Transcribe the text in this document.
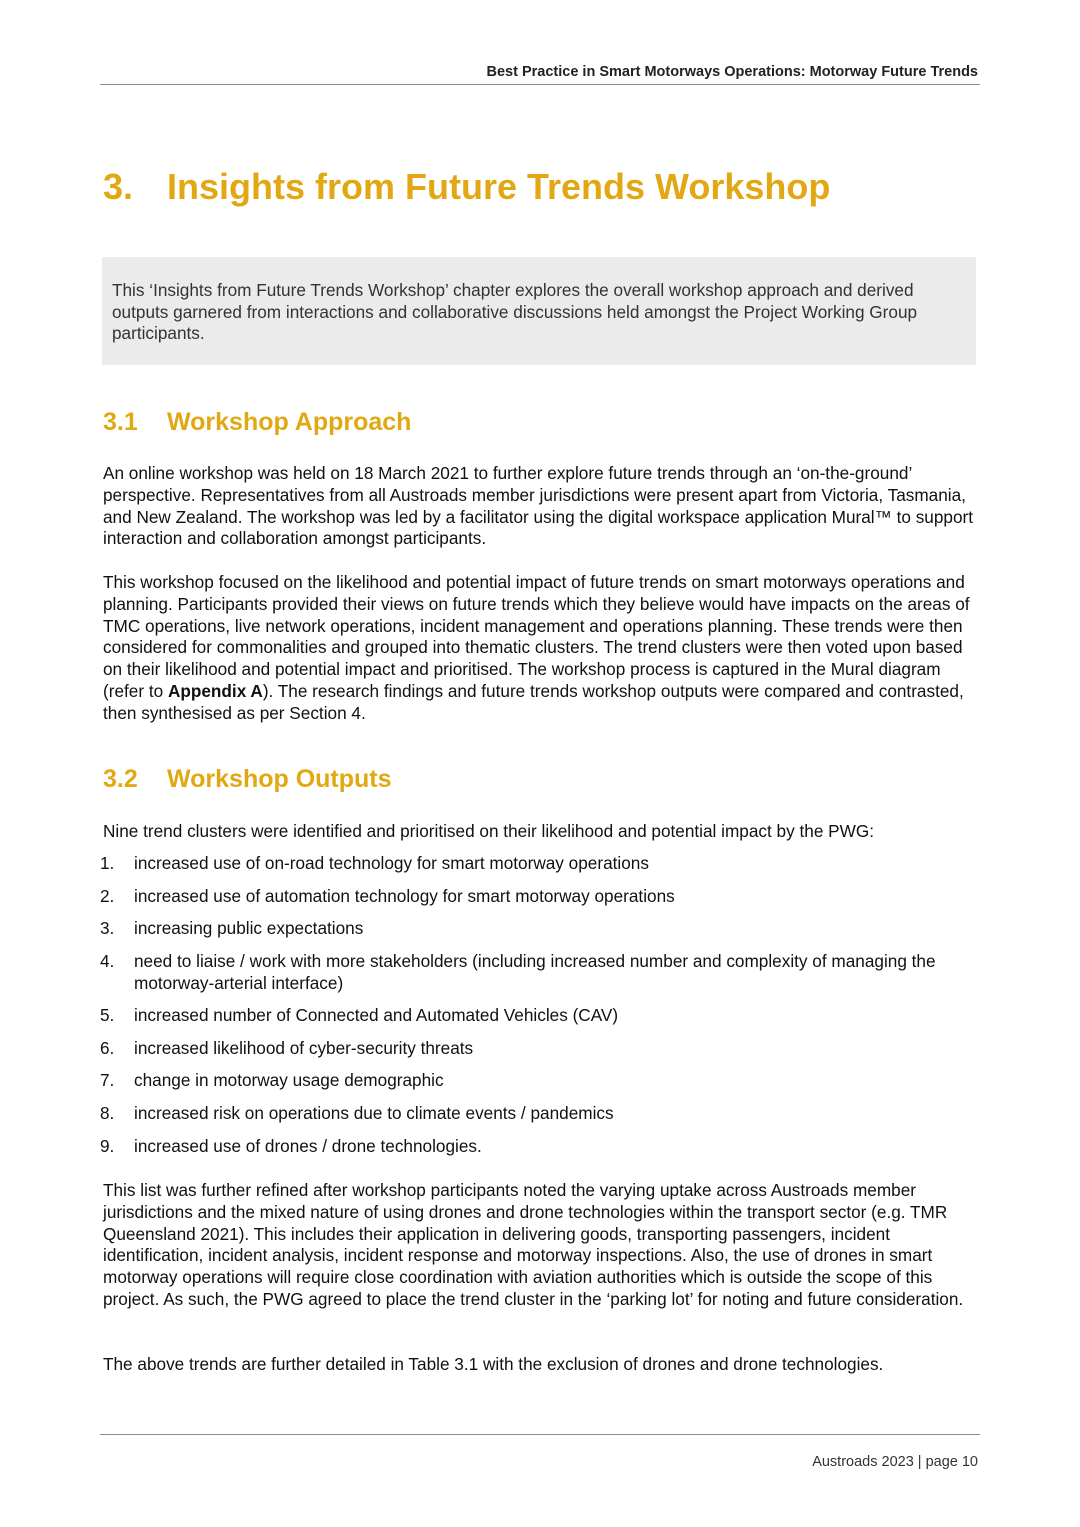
Best Practice in Smart Motorways Operations: Motorway Future Trends
3. Insights from Future Trends Workshop
This ‘Insights from Future Trends Workshop’ chapter explores the overall workshop approach and derived outputs garnered from interactions and collaborative discussions held amongst the Project Working Group participants.
3.1 Workshop Approach

An online workshop was held on 18 March 2021 to further explore future trends through an ‘on-the-ground’ perspective. Representatives from all Austroads member jurisdictions were present apart from Victoria, Tasmania, and New Zealand. The workshop was led by a facilitator using the digital workspace application Mural™ to support interaction and collaboration amongst participants.

This workshop focused on the likelihood and potential impact of future trends on smart motorways operations and planning. Participants provided their views on future trends which they believe would have impacts on the areas of TMC operations, live network operations, incident management and operations planning. These trends were then considered for commonalities and grouped into thematic clusters. The trend clusters were then voted upon based on their likelihood and potential impact and prioritised. The workshop process is captured in the Mural diagram (refer to Appendix A). The research findings and future trends workshop outputs were compared and contrasted, then synthesised as per Section 4.

3.2 Workshop Outputs

Nine trend clusters were identified and prioritised on their likelihood and potential impact by the PWG:

1. increased use of on-road technology for smart motorway operations
2. increased use of automation technology for smart motorway operations
3. increasing public expectations
4. need to liaise / work with more stakeholders (including increased number and complexity of managing the motorway-arterial interface)
5. increased number of Connected and Automated Vehicles (CAV)
6. increased likelihood of cyber-security threats
7. change in motorway usage demographic
8. increased risk on operations due to climate events / pandemics
9. increased use of drones / drone technologies.

This list was further refined after workshop participants noted the varying uptake across Austroads member jurisdictions and the mixed nature of using drones and drone technologies within the transport sector (e.g. TMR Queensland 2021). This includes their application in delivering goods, transporting passengers, incident identification, incident analysis, incident response and motorway inspections. Also, the use of drones in smart motorway operations will require close coordination with aviation authorities which is outside the scope of this project. As such, the PWG agreed to place the trend cluster in the ‘parking lot’ for noting and future consideration.

The above trends are further detailed in Table 3.1 with the exclusion of drones and drone technologies.

Austroads 2023 | page 10
